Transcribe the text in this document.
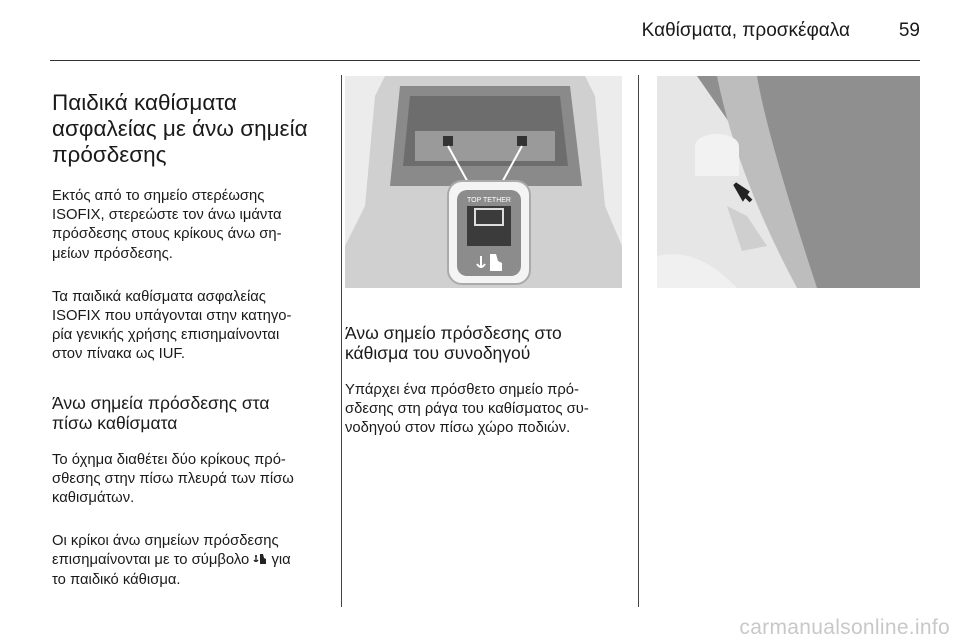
Καθίσματα, προσκέφαλα	59

Παιδικά καθίσματα
ασφαλείας με άνω σημεία
πρόσδεσης

Εκτός από το σημείο στερέωσης
ISOFIX, στερεώστε τον άνω ιμάντα
πρόσδεσης στους κρίκους άνω ση-
μείων πρόσδεσης.

Τα παιδικά καθίσματα ασφαλείας
ISOFIX που υπάγονται στην κατηγο-
ρία γενικής χρήσης επισημαίνονται
στον πίνακα ως IUF.

Άνω σημεία πρόσδεσης στα
πίσω καθίσματα

Το όχημα διαθέτει δύο κρίκους πρό-
σθεσης στην πίσω πλευρά των πίσω
καθισμάτων.

Οι κρίκοι άνω σημείων πρόσδεσης
επισημαίνονται με το σύμβολο  για
το παιδικό κάθισμα.

TOP TETHER

Άνω σημείο πρόσδεσης στο
κάθισμα του συνοδηγού

Υπάρχει ένα πρόσθετο σημείο πρό-
σδεσης στη ράγα του καθίσματος συ-
νοδηγού στον πίσω χώρο ποδιών.

carmanualsonline.info
